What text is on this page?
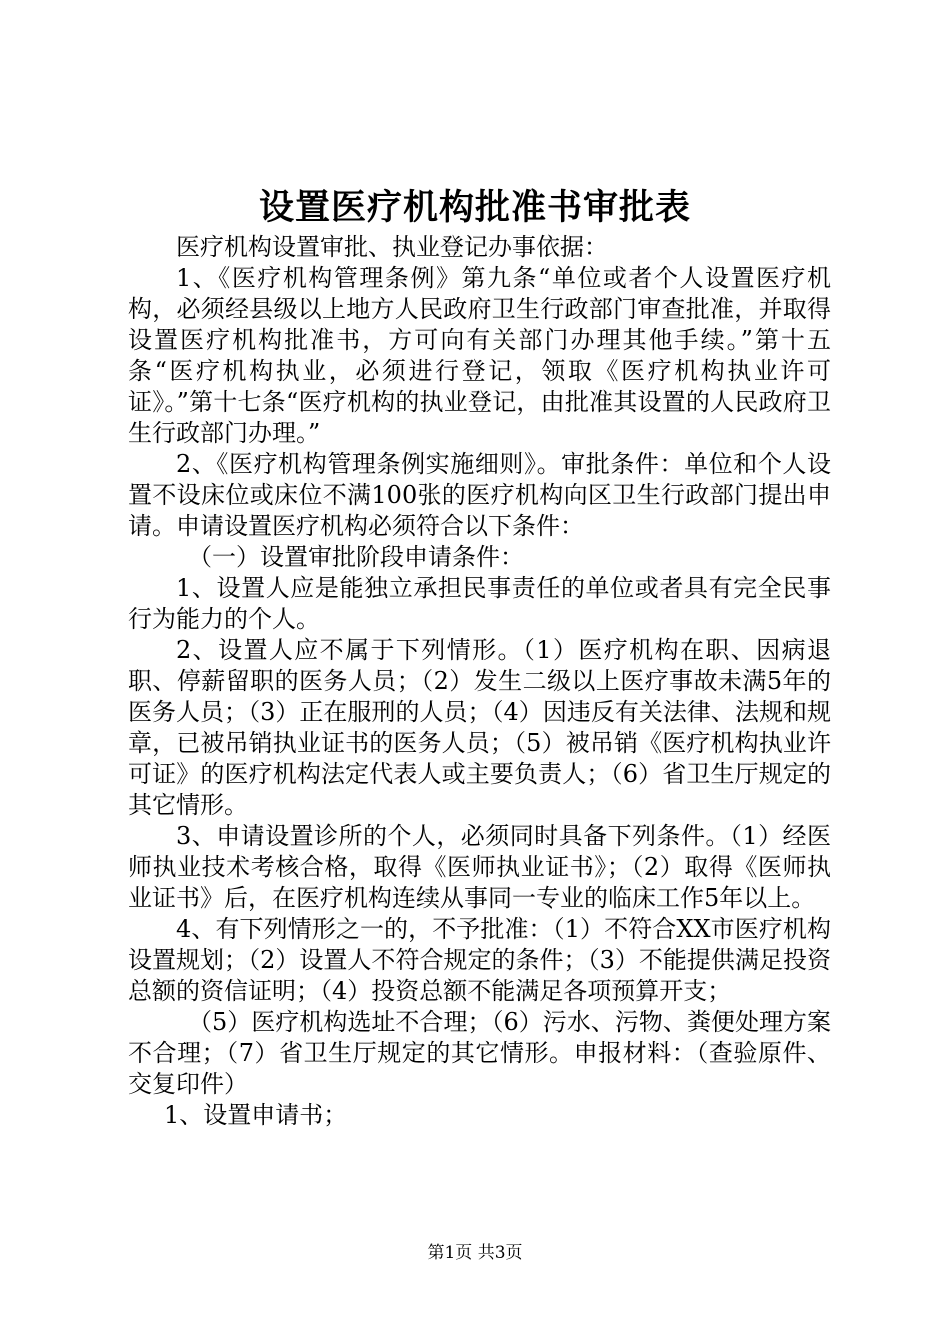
设置医疗机构批准书审批表

医疗机构设置审批、执业登记办事依据：

1、《医疗机构管理条例》第九条“单位或者个人设置医疗机构，必须经县级以上地方人民政府卫生行政部门审查批准，并取得设置医疗机构批准书，方可向有关部门办理其他手续。”第十五条“医疗机构执业，必须进行登记，领取《医疗机构执业许可证》。”第十七条“医疗机构的执业登记，由批准其设置的人民政府卫生行政部门办理。”

2、《医疗机构管理条例实施细则》。审批条件：单位和个人设置不设床位或床位不满100张的医疗机构向区卫生行政部门提出申请。申请设置医疗机构必须符合以下条件：

（一）设置审批阶段申请条件：

1、设置人应是能独立承担民事责任的单位或者具有完全民事行为能力的个人。

2、设置人应不属于下列情形。（1）医疗机构在职、因病退职、停薪留职的医务人员；（2）发生二级以上医疗事故未满5年的医务人员；（3）正在服刑的人员；（4）因违反有关法律、法规和规章，已被吊销执业证书的医务人员；（5）被吊销《医疗机构执业许可证》的医疗机构法定代表人或主要负责人；（6）省卫生厅规定的其它情形。

3、申请设置诊所的个人，必须同时具备下列条件。（1）经医师执业技术考核合格，取得《医师执业证书》；（2）取得《医师执业证书》后，在医疗机构连续从事同一专业的临床工作5年以上。

4、有下列情形之一的，不予批准：（1）不符合XX市医疗机构设置规划；（2）设置人不符合规定的条件；（3）不能提供满足投资总额的资信证明；（4）投资总额不能满足各项预算开支；

（5）医疗机构选址不合理；（6）污水、污物、粪便处理方案不合理；（7）省卫生厅规定的其它情形。申报材料：（查验原件、交复印件）

1、设置申请书；

第1页 共3页
